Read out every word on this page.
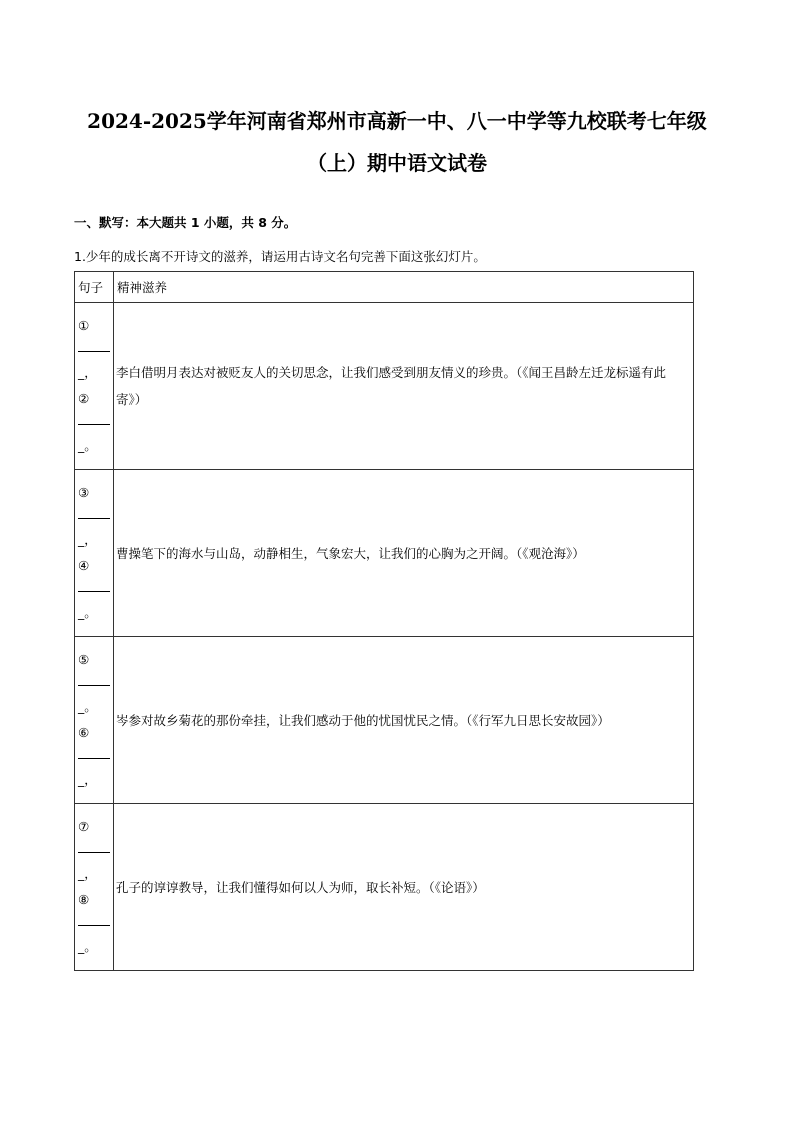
2024-2025学年河南省郑州市高新一中、八一中学等九校联考七年级
（上）期中语文试卷
一、默写：本大题共 1 小题，共 8 分。
1.少年的成长离不开诗文的滋养，请运用古诗文名句完善下面这张幻灯片。
句子	精神滋养

①
_，
②
_。	李白借明月表达对被贬友人的关切思念，让我们感受到朋友情义的珍贵。（《闻王昌龄左迁龙标遥有此寄》）

③
_，
④
_。	曹操笔下的海水与山岛，动静相生，气象宏大，让我们的心胸为之开阔。（《观沧海》）

⑤
_。
⑥
_，	岑参对故乡菊花的那份牵挂，让我们感动于他的忧国忧民之情。（《行军九日思长安故园》）

⑦
_，
⑧
_。	孔子的谆谆教导，让我们懂得如何以人为师，取长补短。（《论语》）
